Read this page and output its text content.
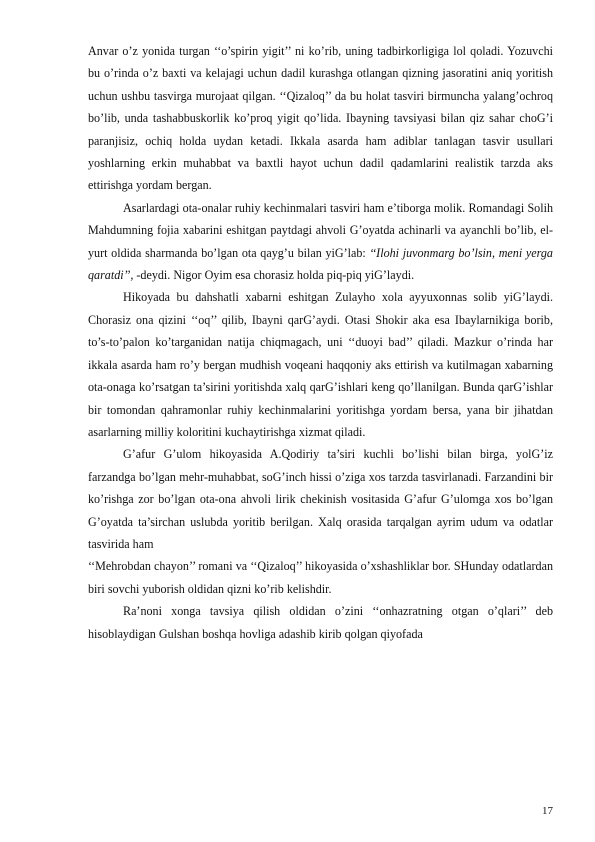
Anvar o’z yonida turgan ‘‘o’spirin yigit’’ ni ko’rib, uning tadbirkorligiga lol qoladi. Yozuvchi bu o’rinda o’z baxti va kelajagi uchun dadil kurashga otlangan qizning jasoratini aniq yoritish uchun ushbu tasvirga murojaat qilgan. ‘‘Qizaloq’’ da bu holat tasviri birmuncha yalang’ochroq bo’lib, unda tashabbuskorlik ko’proq yigit qo’lida. Ibayning tavsiyasi bilan qiz sahar choG’i paranjisiz, ochiq holda uydan ketadi. Ikkala asarda ham adiblar tanlagan tasvir usullari yoshlarning erkin muhabbat va baxtli hayot uchun dadil qadamlarini realistik tarzda aks ettirishga yordam bergan.

Asarlardagi ota-onalar ruhiy kechinmalari tasviri ham e’tiborga molik. Romandagi Solih Mahdumning fojia xabarini eshitgan paytdagi ahvoli G’oyatda achinarli va ayanchli bo’lib, el-yurt oldida sharmanda bo’lgan ota qayg’u bilan yiG’lab: ‘‘Ilohi juvonmarg bo’lsin, meni yerga qaratdi’’, -deydi. Nigor Oyim esa chorasiz holda piq-piq yiG’laydi.

Hikoyada bu dahshatli xabarni eshitgan Zulayho xola ayyuxonnas solib yiG’laydi. Chorasiz ona qizini ‘‘oq’’ qilib, Ibayni qarG’aydi. Otasi Shokir aka esa Ibaylarnikiga borib, to’s-to’palon ko’targanidan natija chiqmagach, uni ‘‘duoyi bad’’ qiladi. Mazkur o’rinda har ikkala asarda ham ro’y bergan mudhish voqeani haqqoniy aks ettirish va kutilmagan xabarning ota-onaga ko’rsatgan ta’sirini yoritishda xalq qarG’ishlari keng qo’llanilgan. Bunda qarG’ishlar bir tomondan qahramonlar ruhiy kechinmalarini yoritishga yordam bersa, yana bir jihatdan asarlarning milliy koloritini kuchaytirishga xizmat qiladi.

G’afur G’ulom hikoyasida A.Qodiriy ta’siri kuchli bo’lishi bilan birga, yolG’iz farzandga bo’lgan mehr-muhabbat, soG’inch hissi o’ziga xos tarzda tasvirlanadi. Farzandini bir ko’rishga zor bo’lgan ota-ona ahvoli lirik chekinish vositasida G’afur G’ulomga xos bo’lgan G’oyatda ta’sirchan uslubda yoritib berilgan. Xalq orasida tarqalgan ayrim udum va odatlar tasvirida ham

‘‘Mehrobdan chayon’’ romani va ‘‘Qizaloq’’ hikoyasida o’xshashliklar bor. SHunday odatlardan biri sovchi yuborish oldidan qizni ko’rib kelishdir.

Ra’noni xonga tavsiya qilish oldidan o’zini ‘‘onhazratning otgan o’qlari’’ deb hisoblaydigan Gulshan boshqa hovliga adashib kirib qolgan qiyofada

17
